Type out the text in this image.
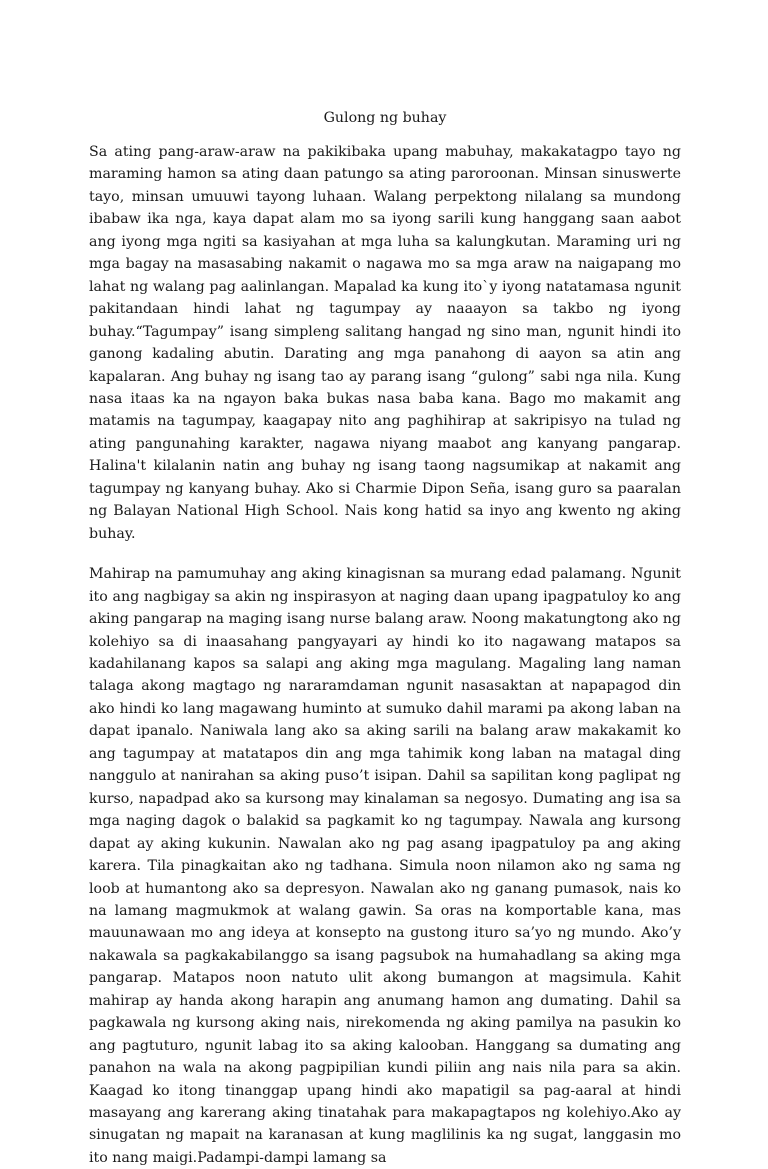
Gulong ng buhay

Sa ating pang-araw-araw na pakikibaka upang mabuhay, makakatagpo tayo ng maraming hamon sa ating daan patungo sa ating paroroonan. Minsan sinuswerte tayo, minsan umuuwi tayong luhaan. Walang perpektong nilalang sa mundong ibabaw ika nga, kaya dapat alam mo sa iyong sarili kung hanggang saan aabot ang iyong mga ngiti sa kasiyahan at mga luha sa kalungkutan. Maraming uri ng mga bagay na masasabing nakamit o nagawa mo sa mga araw na naigapang mo lahat ng walang pag aalinlangan. Mapalad ka kung ito`y iyong natatamasa ngunit pakitandaan hindi lahat ng tagumpay ay naaayon sa takbo ng iyong buhay.“Tagumpay” isang simpleng salitang hangad ng sino man, ngunit hindi ito ganong kadaling abutin. Darating ang mga panahong di aayon sa atin ang kapalaran. Ang buhay ng isang tao ay parang isang “gulong” sabi nga nila. Kung nasa itaas ka na ngayon baka bukas nasa baba kana. Bago mo makamit ang matamis na tagumpay, kaagapay nito ang paghihirap at sakripisyo na tulad ng ating pangunahing karakter, nagawa niyang maabot ang kanyang pangarap. Halina't kilalanin natin ang buhay ng isang taong nagsumikap at nakamit ang tagumpay ng kanyang buhay. Ako si Charmie Dipon Seña, isang guro sa paaralan ng Balayan National High School. Nais kong hatid sa inyo ang kwento ng aking buhay.

Mahirap na pamumuhay ang aking kinagisnan sa murang edad palamang. Ngunit ito ang nagbigay sa akin ng inspirasyon at naging daan upang ipagpatuloy ko ang aking pangarap na maging isang nurse balang araw. Noong makatungtong ako ng kolehiyo sa di inaasahang pangyayari ay hindi ko ito nagawang matapos sa kadahilanang kapos sa salapi ang aking mga magulang. Magaling lang naman talaga akong magtago ng nararamdaman ngunit nasasaktan at napapagod din ako hindi ko lang magawang huminto at sumuko dahil marami pa akong laban na dapat ipanalo. Naniwala lang ako sa aking sarili na balang araw makakamit ko ang tagumpay at matatapos din ang mga tahimik kong laban na matagal ding nanggulo at nanirahan sa aking puso’t isipan. Dahil sa sapilitan kong paglipat ng kurso, napadpad ako sa kursong may kinalaman sa negosyo. Dumating ang isa sa mga naging dagok o balakid sa pagkamit ko ng tagumpay. Nawala ang kursong dapat ay aking kukunin. Nawalan ako ng pag asang ipagpatuloy pa ang aking karera. Tila pinagkaitan ako ng tadhana. Simula noon nilamon ako ng sama ng loob at humantong ako sa depresyon. Nawalan ako ng ganang pumasok, nais ko na lamang magmukmok at walang gawin. Sa oras na komportable kana, mas mauunawaan mo ang ideya at konsepto na gustong ituro sa’yo ng mundo. Ako’y nakawala sa pagkakabilanggo sa isang pagsubok na humahadlang sa aking mga pangarap. Matapos noon natuto ulit akong bumangon at magsimula. Kahit mahirap ay handa akong harapin ang anumang hamon ang dumating. Dahil sa pagkawala ng kursong aking nais, nirekomenda ng aking pamilya na pasukin ko ang pagtuturo, ngunit labag ito sa aking kalooban. Hanggang sa dumating ang panahon na wala na akong pagpipilian kundi piliin ang nais nila para sa akin. Kaagad ko itong tinanggap upang hindi ako mapatigil sa pag-aaral at hindi masayang ang karerang aking tinatahak para makapagtapos ng kolehiyo.Ako ay sinugatan ng mapait na karanasan at kung maglilinis ka ng sugat, langgasin mo ito nang maigi.Padampi-dampi lamang sa
